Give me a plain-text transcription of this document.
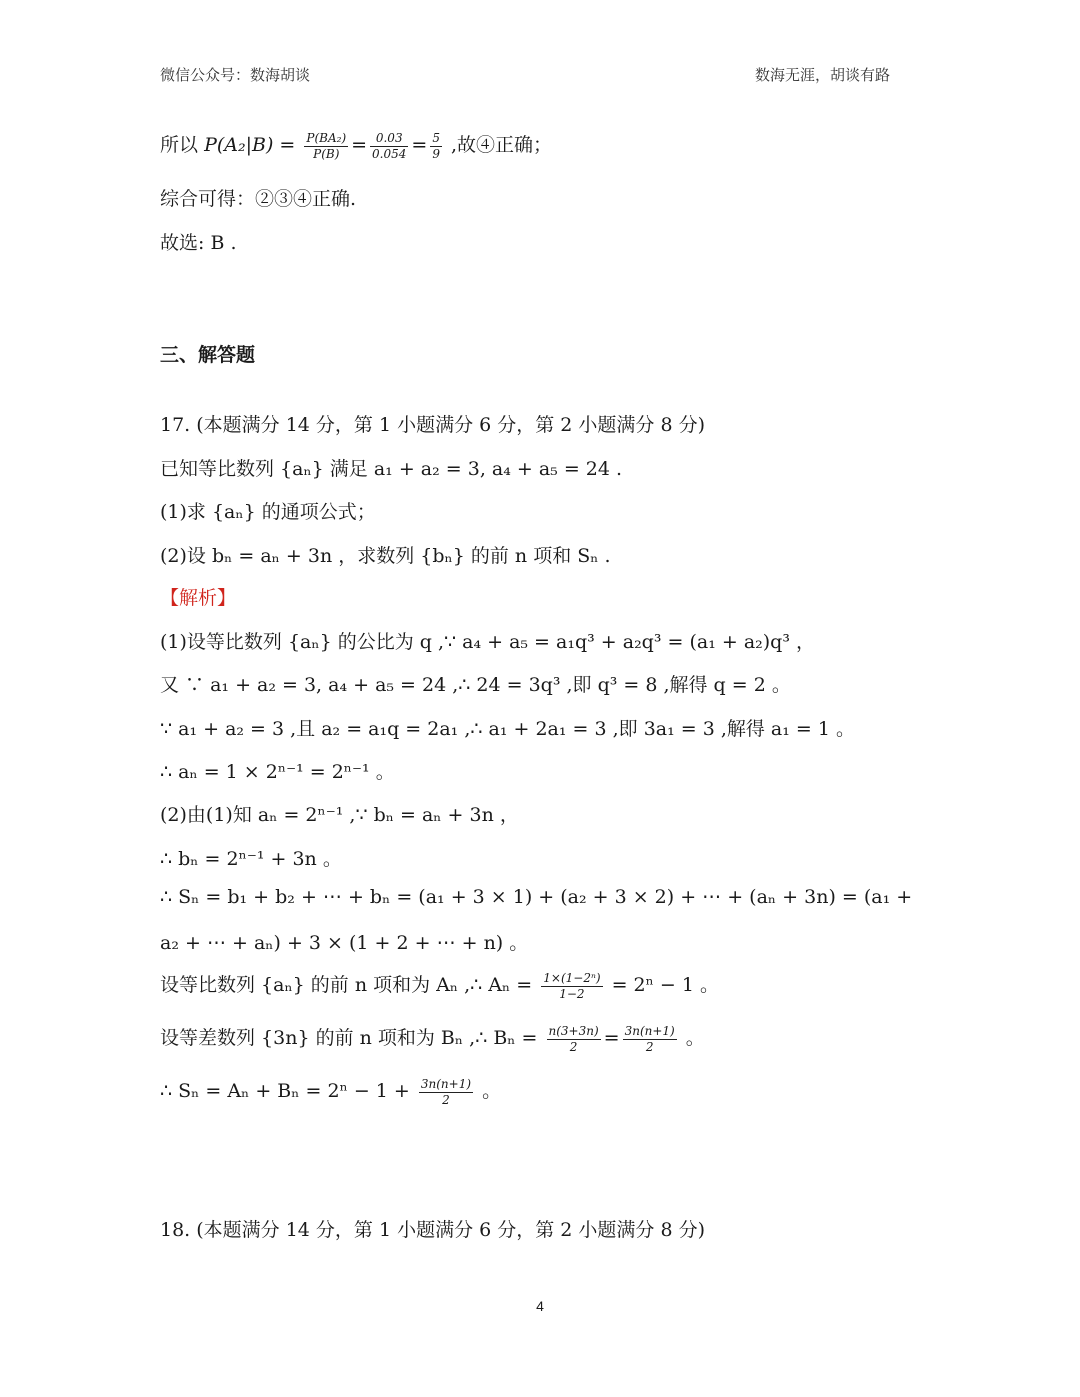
微信公众号：数海胡谈	数海无涯，胡谈有路
所以 $P(A_2|B) = \frac{\text{P(BA₂)}}{P(B)} = \frac{0.03}{0.054} = \frac{5}{9}$ ,故④正确；
综合可得：②③④正确.
故选: B .
三、解答题
17. (本题满分 14 分，第 1 小题满分 6 分，第 2 小题满分 8 分)
已知等比数列 {aₙ} 满足 a₁ + a₂ = 3, a₄ + a₅ = 24 .
(1)求 {aₙ} 的通项公式；
(2)设 bₙ = aₙ + 3n ，求数列 {bₙ} 的前 n 项和 Sₙ .
【解析】
(1)设等比数列 {aₙ} 的公比为 q ,∵ a₄ + a₅ = a₁q³ + a₂q³ = (a₁ + a₂)q³ ，
又 ∵ a₁ + a₂ = 3, a₄ + a₅ = 24 ,∴ 24 = 3q³ ,即 q³ = 8 ,解得 q = 2 。
∵ a₁ + a₂ = 3 ,且 a₂ = a₁q = 2a₁ ,∴ a₁ + 2a₁ = 3 ,即 3a₁ = 3 ,解得 a₁ = 1 。
∴ aₙ = 1 × 2ⁿ⁻¹ = 2ⁿ⁻¹ 。
(2)由(1)知 aₙ = 2ⁿ⁻¹ ,∵ bₙ = aₙ + 3n ，
∴ bₙ = 2ⁿ⁻¹ + 3n 。
∴ Sₙ = b₁ + b₂ + ⋯ + bₙ = (a₁ + 3 × 1) + (a₂ + 3 × 2) + ⋯ + (aₙ + 3n) = (a₁ +
a₂ + ⋯ + aₙ) + 3 × (1 + 2 + ⋯ + n) 。
设等比数列 {aₙ} 的前 n 项和为 Aₙ ,∴ $A_n = \frac{\text{1×(1−2ⁿ)}}{1-2} = 2^n - 1$ 。
设等差数列 {3n} 的前 n 项和为 Bₙ ,∴ $B_n = \frac{n(3+3n)}{2} = \frac{3n(n+1)}{2}$ 。
∴ $S_n = A_n + B_n = 2^n - 1 + \frac{3n(n+1)}{2}$ 。
18. (本题满分 14 分，第 1 小题满分 6 分，第 2 小题满分 8 分)
4
